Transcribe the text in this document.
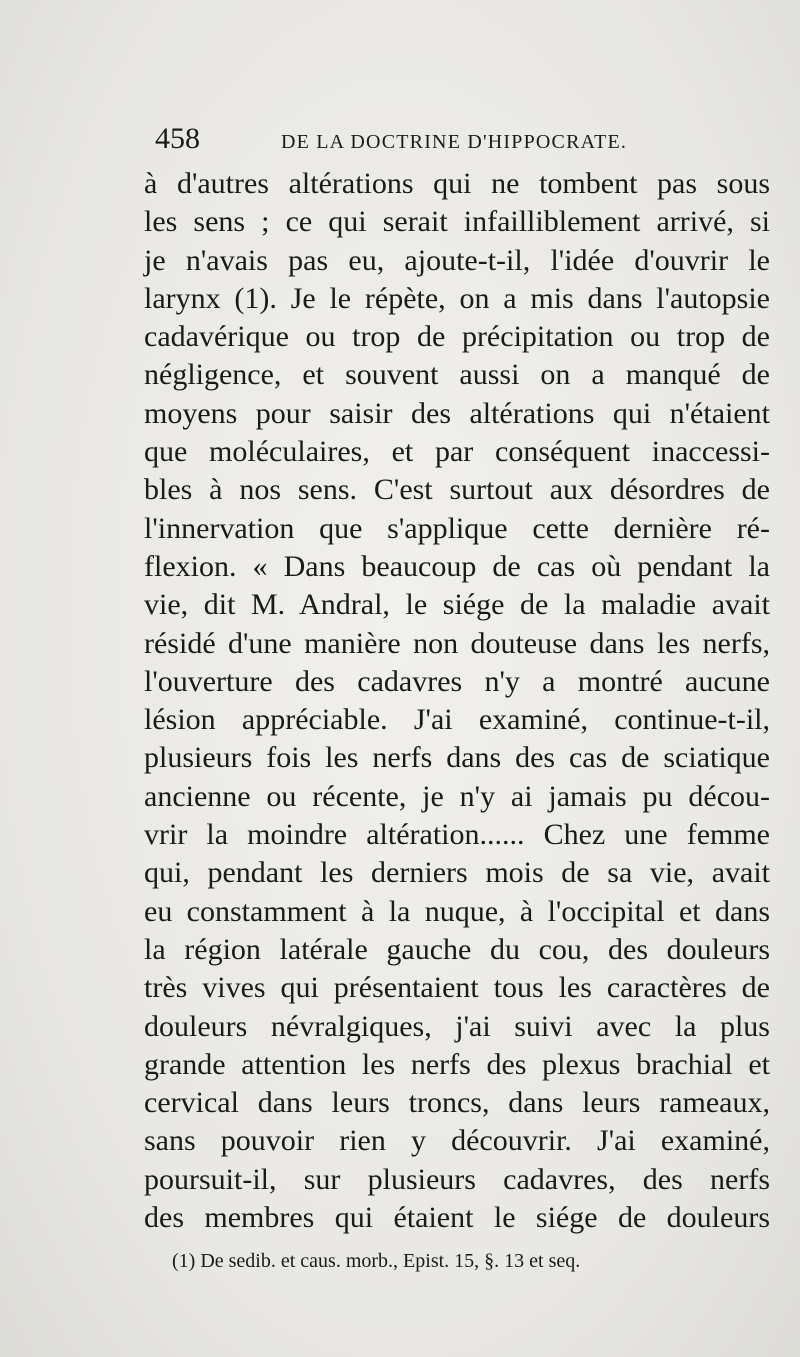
458	DE LA DOCTRINE D'HIPPOCRATE.
à d'autres altérations qui ne tombent pas sous
les sens ; ce qui serait infailliblement arrivé, si
je n'avais pas eu, ajoute-t-il, l'idée d'ouvrir le
larynx (1). Je le répète, on a mis dans l'autopsie
cadavérique ou trop de précipitation ou trop de
négligence, et souvent aussi on a manqué de
moyens pour saisir des altérations qui n'étaient
que moléculaires, et par conséquent inaccessi-
bles à nos sens. C'est surtout aux désordres de
l'innervation que s'applique cette dernière ré-
flexion. « Dans beaucoup de cas où pendant la
vie, dit M. Andral, le siége de la maladie avait
résidé d'une manière non douteuse dans les nerfs,
l'ouverture des cadavres n'y a montré aucune
lésion appréciable. J'ai examiné, continue-t-il,
plusieurs fois les nerfs dans des cas de sciatique
ancienne ou récente, je n'y ai jamais pu décou-
vrir la moindre altération...... Chez une femme
qui, pendant les derniers mois de sa vie, avait
eu constamment à la nuque, à l'occipital et dans
la région latérale gauche du cou, des douleurs
très vives qui présentaient tous les caractères de
douleurs névralgiques, j'ai suivi avec la plus
grande attention les nerfs des plexus brachial et
cervical dans leurs troncs, dans leurs rameaux,
sans pouvoir rien y découvrir. J'ai examiné,
poursuit-il, sur plusieurs cadavres, des nerfs
des membres qui étaient le siége de douleurs
(1) De sedib. et caus. morb., Epist. 15, §. 13 et seq.
